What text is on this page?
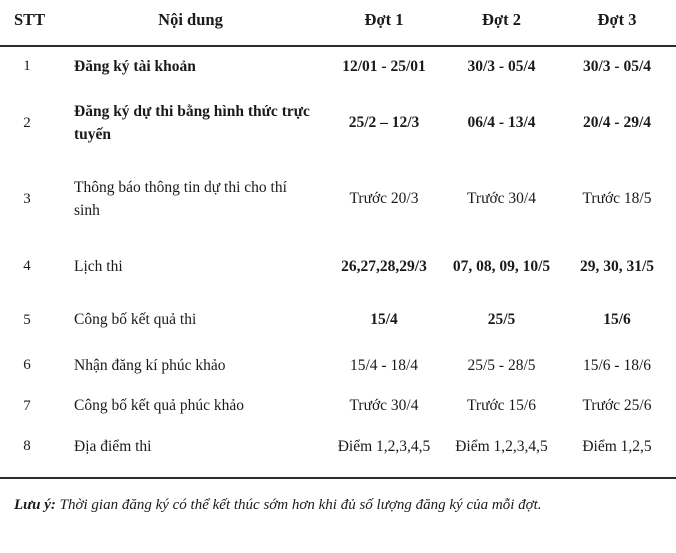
STT	Nội dung	Đợt 1	Đợt 2	Đợt 3
1	Đăng ký tài khoản	12/01 - 25/01	30/3 - 05/4	30/3 - 05/4
2	Đăng ký dự thi bằng hình thức trực tuyến	25/2 – 12/3	06/4 - 13/4	20/4 - 29/4
3	Thông báo thông tin dự thi cho thí sinh	Trước 20/3	Trước 30/4	Trước 18/5
4	Lịch thi	26,27,28,29/3	07, 08, 09, 10/5	29, 30, 31/5
5	Công bố kết quả thi	15/4	25/5	15/6
6	Nhận đăng kí phúc khảo	15/4 - 18/4	25/5 - 28/5	15/6 - 18/6
7	Công bố kết quả phúc khảo	Trước 30/4	Trước 15/6	Trước 25/6
8	Địa điểm thi	Điểm 1,2,3,4,5	Điểm 1,2,3,4,5	Điểm 1,2,5
Lưu ý: Thời gian đăng ký có thể kết thúc sớm hơn khi đủ số lượng đăng ký của mỗi đợt.
